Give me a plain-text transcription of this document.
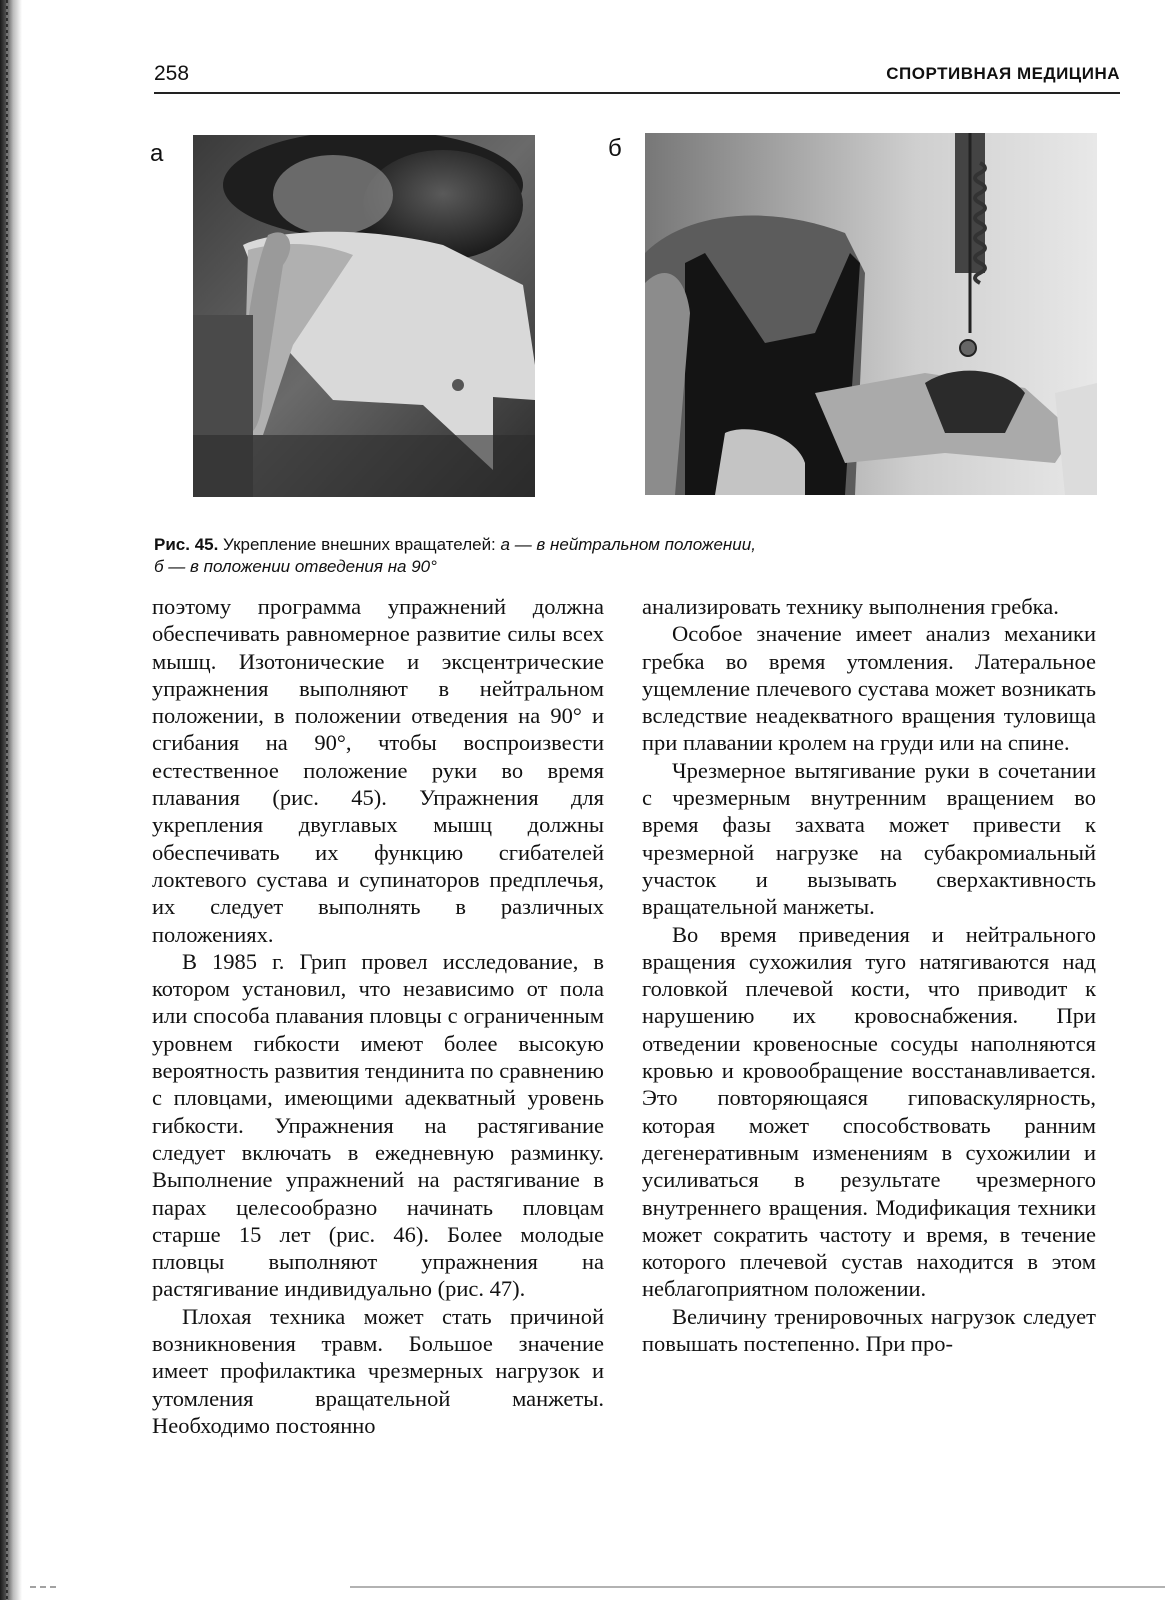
258	СПОРТИВНАЯ МЕДИЦИНА
а	б
Рис. 45. Укрепление внешних вращателей: а — в нейтральном положении,
б — в положении отведения на 90°

поэтому программа упражнений должна обеспечивать равномерное развитие силы всех мышц. Изотонические и эксцентрические упражнения выполняют в нейтральном положении, в положении отведения на 90° и сгибания на 90°, чтобы воспроизвести естественное положение руки во время плавания (рис. 45). Упражнения для укрепления двуглавых мышц должны обеспечивать их функцию сгибателей локтевого сустава и супинаторов предплечья, их следует выполнять в различных положениях.

В 1985 г. Грип провел исследование, в котором установил, что независимо от пола или способа плавания пловцы с ограниченным уровнем гибкости имеют более высокую вероятность развития тендинита по сравнению с пловцами, имеющими адекватный уровень гибкости. Упражнения на растягивание следует включать в ежедневную разминку. Выполнение упражнений на растягивание в парах целесообразно начинать пловцам старше 15 лет (рис. 46). Более молодые пловцы выполняют упражнения на растягивание индивидуально (рис. 47).

Плохая техника может стать причиной возникновения травм. Большое значение имеет профилактика чрезмерных нагрузок и утомления вращательной манжеты. Необходимо постоянно

анализировать технику выполнения гребка.

Особое значение имеет анализ механики гребка во время утомления. Латеральное ущемление плечевого сустава может возникать вследствие неадекватного вращения туловища при плавании кролем на груди или на спине.

Чрезмерное вытягивание руки в сочетании с чрезмерным внутренним вращением во время фазы захвата может привести к чрезмерной нагрузке на субакромиальный участок и вызывать сверхактивность вращательной манжеты.

Во время приведения и нейтрального вращения сухожилия туго натягиваются над головкой плечевой кости, что приводит к нарушению их кровоснабжения. При отведении кровеносные сосуды наполняются кровью и кровообращение восстанавливается. Это повторяющаяся гиповаскулярность, которая может способствовать ранним дегенеративным изменениям в сухожилии и усиливаться в результате чрезмерного внутреннего вращения. Модификация техники может сократить частоту и время, в течение которого плечевой сустав находится в этом неблагоприятном положении.

Величину тренировочных нагрузок следует повышать постепенно. При про-
